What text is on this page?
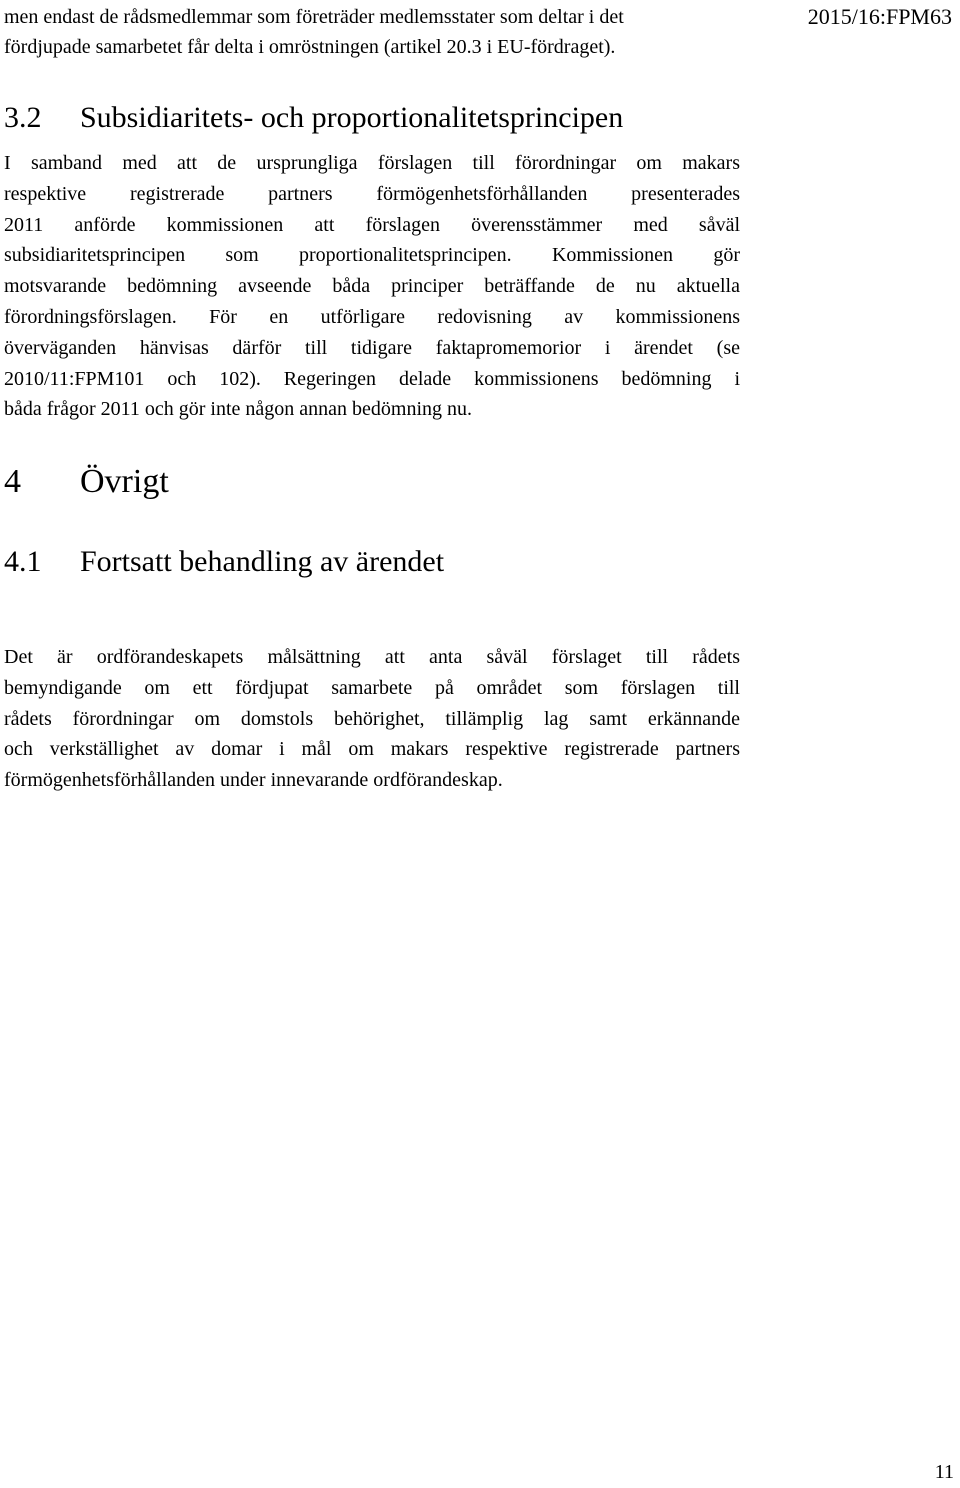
men endast de rådsmedlemmar som företräder medlemsstater som deltar i det
fördjupade samarbetet får delta i omröstningen (artikel 20.3 i EU-fördraget).
2015/16:FPM63
3.2 Subsidiaritets- och proportionalitetsprincipen
I samband med att de ursprungliga förslagen till förordningar om makars
respektive registrerade partners förmögenhetsförhållanden presenterades
2011 anförde kommissionen att förslagen överensstämmer med såväl
subsidiaritetsprincipen som proportionalitetsprincipen. Kommissionen gör
motsvarande bedömning avseende båda principer beträffande de nu aktuella
förordningsförslagen. För en utförligare redovisning av kommissionens
överväganden hänvisas därför till tidigare faktapromemorior i ärendet (se
2010/11:FPM101 och 102). Regeringen delade kommissionens bedömning i
båda frågor 2011 och gör inte någon annan bedömning nu.
4 Övrigt
4.1 Fortsatt behandling av ärendet
Det är ordförandeskapets målsättning att anta såväl förslaget till rådets
bemyndigande om ett fördjupat samarbete på området som förslagen till
rådets förordningar om domstols behörighet, tillämplig lag samt erkännande
och verkställighet av domar i mål om makars respektive registrerade partners
förmögenhetsförhållanden under innevarande ordförandeskap.
11
